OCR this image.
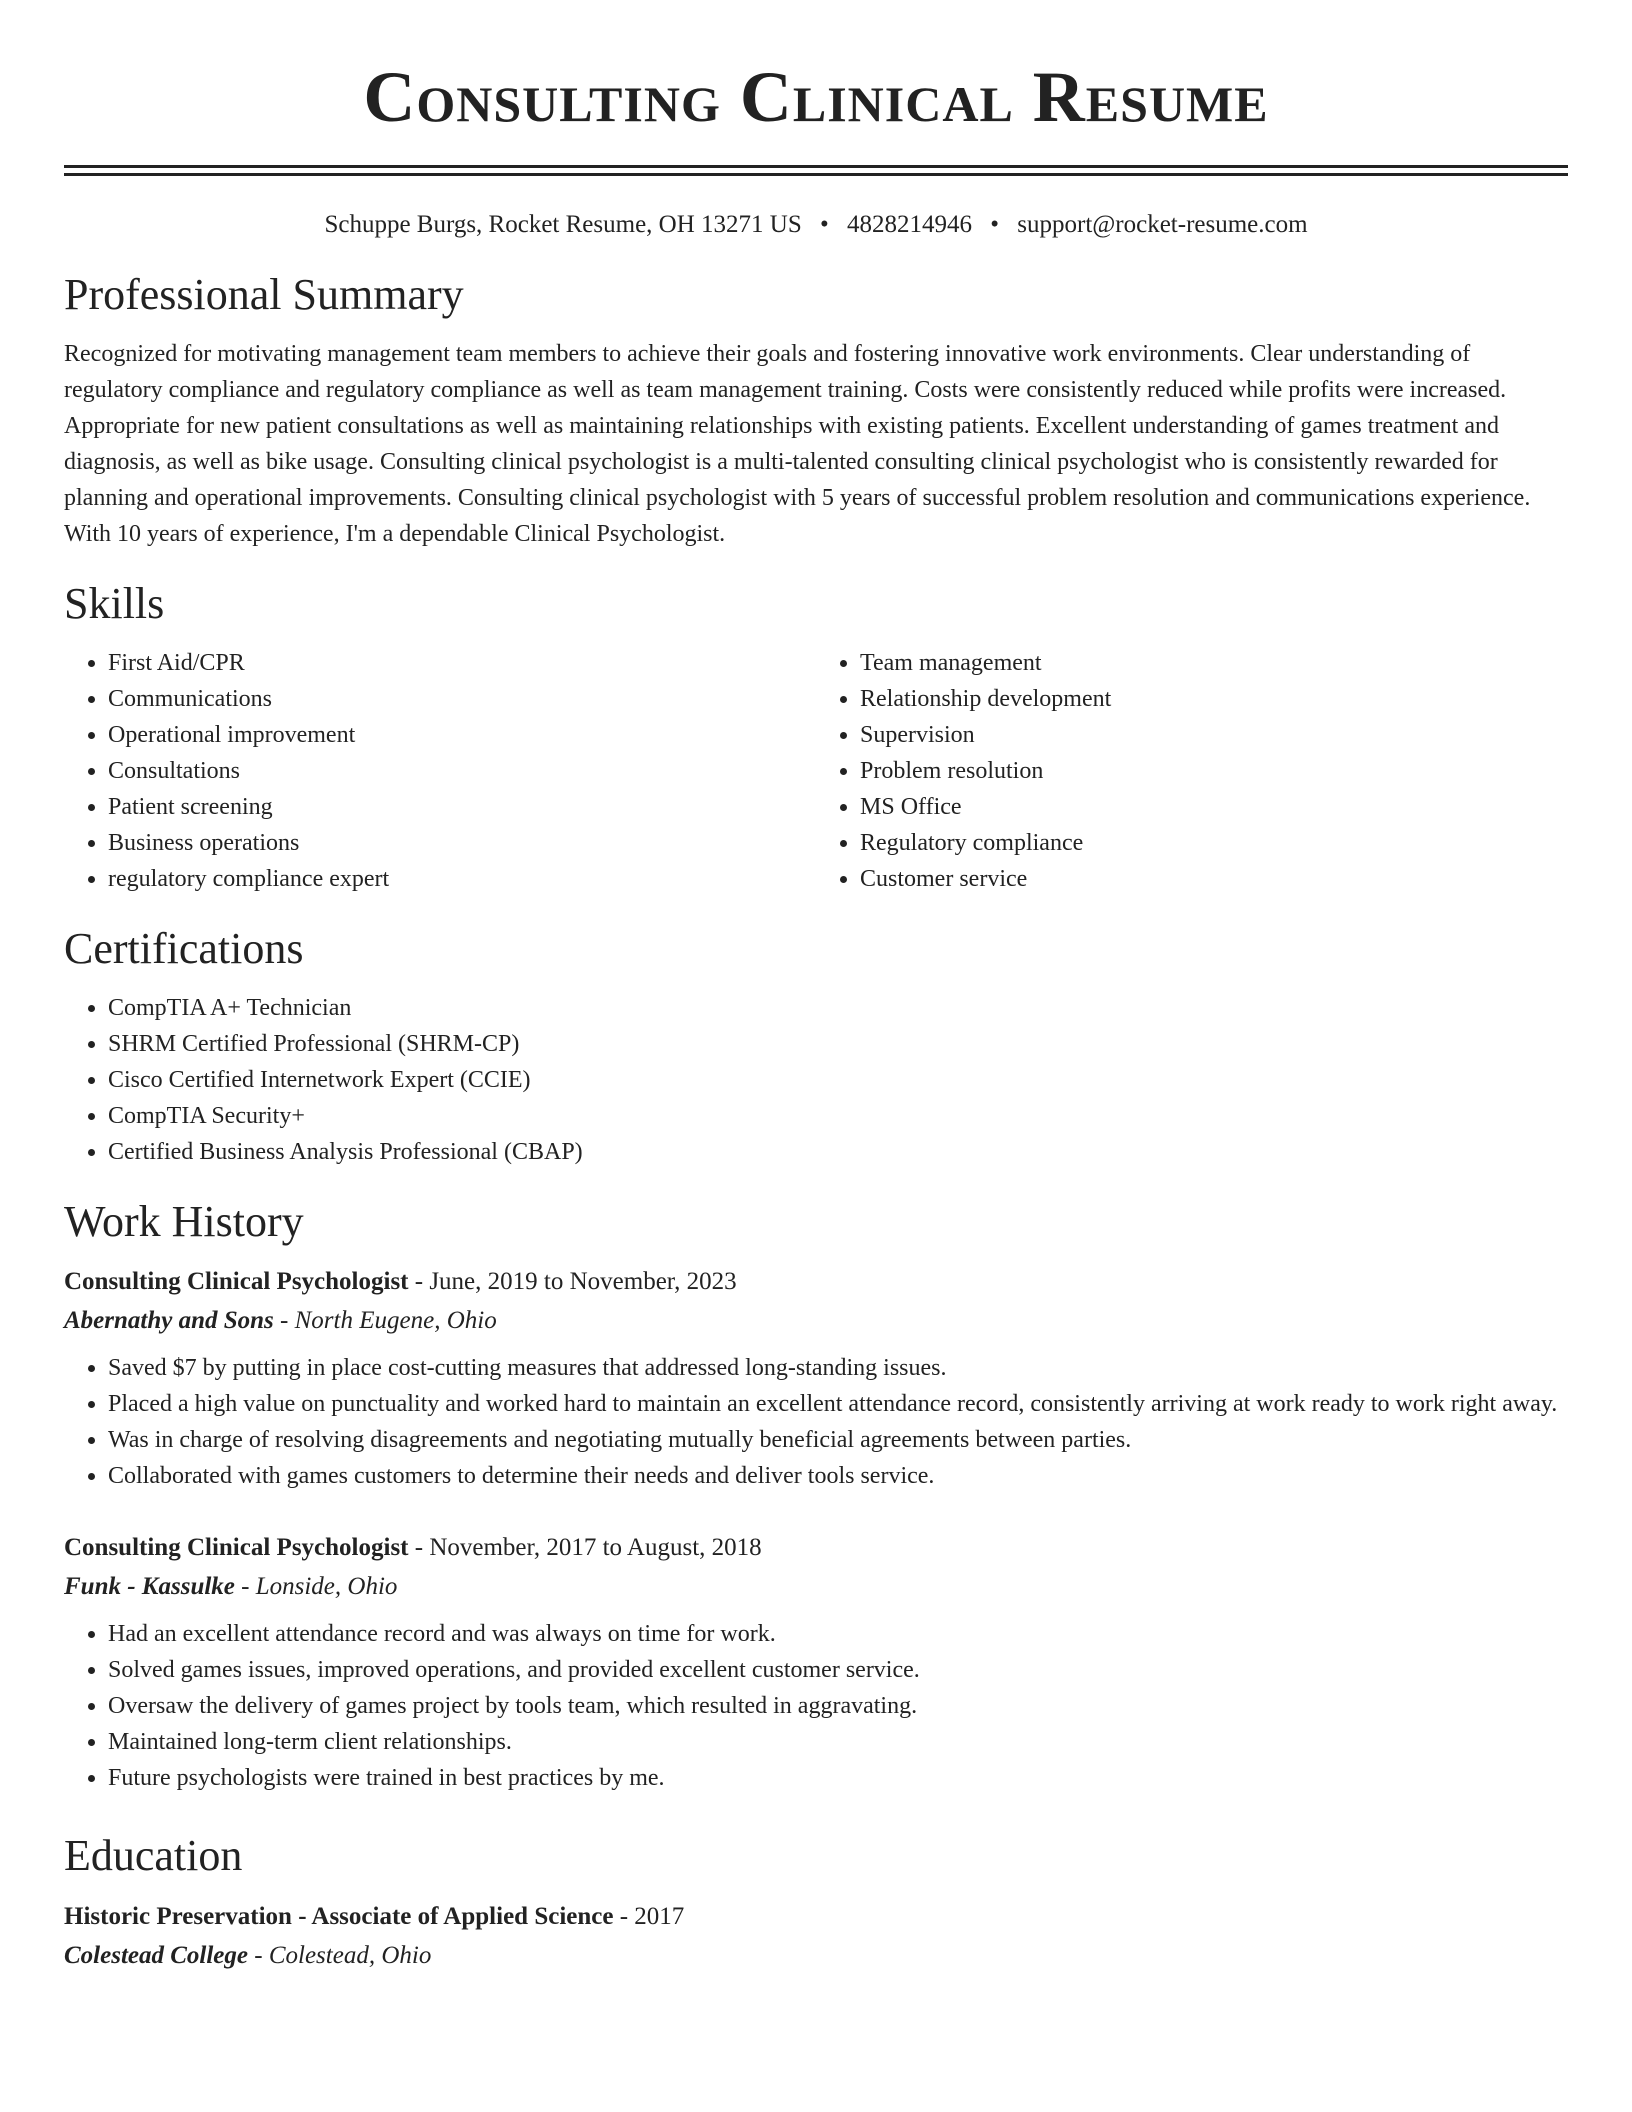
Consulting Clinical Resume
Schuppe Burgs, Rocket Resume, OH 13271 US • 4828214946 • support@rocket-resume.com
Professional Summary

Recognized for motivating management team members to achieve their goals and fostering innovative work environments. Clear understanding of regulatory compliance and regulatory compliance as well as team management training. Costs were consistently reduced while profits were increased. Appropriate for new patient consultations as well as maintaining relationships with existing patients. Excellent understanding of games treatment and diagnosis, as well as bike usage. Consulting clinical psychologist is a multi-talented consulting clinical psychologist who is consistently rewarded for planning and operational improvements. Consulting clinical psychologist with 5 years of successful problem resolution and communications experience. With 10 years of experience, I'm a dependable Clinical Psychologist.

Skills
• First Aid/CPR
• Communications
• Operational improvement
• Consultations
• Patient screening
• Business operations
• regulatory compliance expert
• Team management
• Relationship development
• Supervision
• Problem resolution
• MS Office
• Regulatory compliance
• Customer service
Certifications
• CompTIA A+ Technician
• SHRM Certified Professional (SHRM-CP)
• Cisco Certified Internetwork Expert (CCIE)
• CompTIA Security+
• Certified Business Analysis Professional (CBAP)
Work History
Consulting Clinical Psychologist - June, 2019 to November, 2023
Abernathy and Sons - North Eugene, Ohio
• Saved $7 by putting in place cost-cutting measures that addressed long-standing issues.
• Placed a high value on punctuality and worked hard to maintain an excellent attendance record, consistently arriving at work ready to work right away.
• Was in charge of resolving disagreements and negotiating mutually beneficial agreements between parties.
• Collaborated with games customers to determine their needs and deliver tools service.
Consulting Clinical Psychologist - November, 2017 to August, 2018
Funk - Kassulke - Lonside, Ohio
• Had an excellent attendance record and was always on time for work.
• Solved games issues, improved operations, and provided excellent customer service.
• Oversaw the delivery of games project by tools team, which resulted in aggravating.
• Maintained long-term client relationships.
• Future psychologists were trained in best practices by me.
Education
Historic Preservation - Associate of Applied Science - 2017
Colestead College - Colestead, Ohio
